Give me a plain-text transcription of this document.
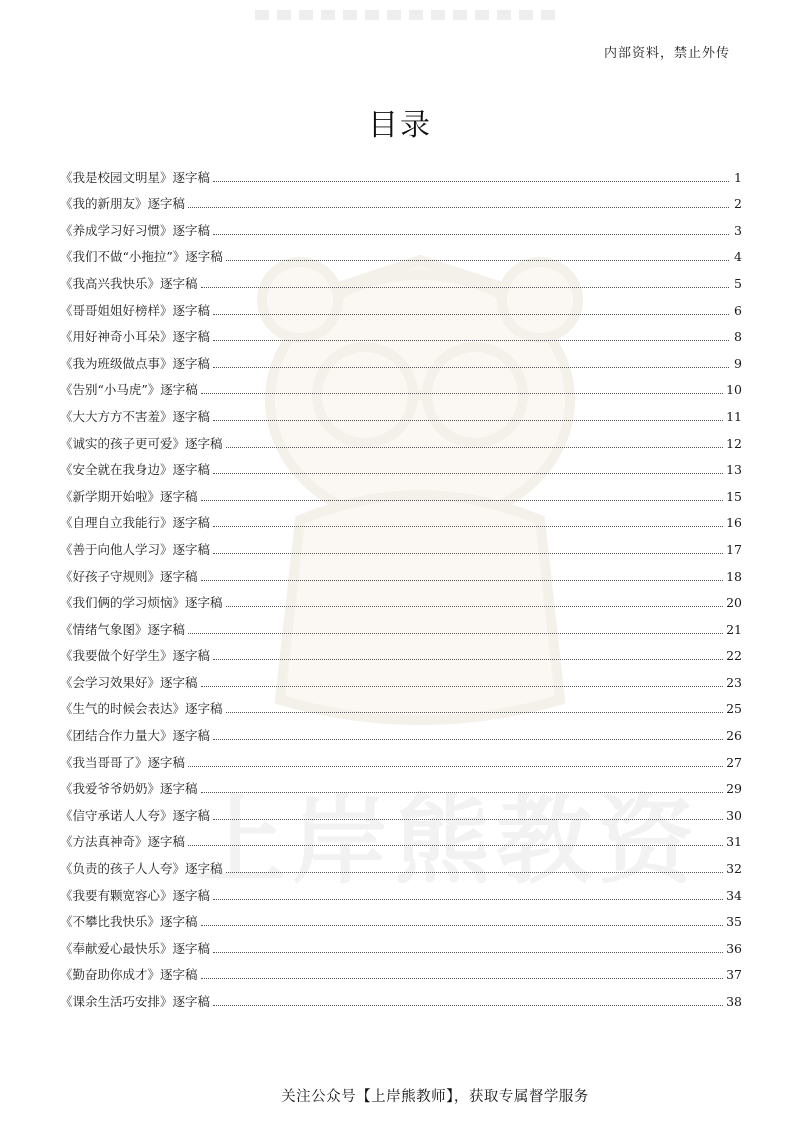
内部资料，禁止外传
上岸熊教资
目录
《我是校园文明星》逐字稿	1
《我的新朋友》逐字稿	2
《养成学习好习惯》逐字稿	3
《我们不做“小拖拉”》逐字稿	4
《我高兴我快乐》逐字稿	5
《哥哥姐姐好榜样》逐字稿	6
《用好神奇小耳朵》逐字稿	8
《我为班级做点事》逐字稿	9
《告别“小马虎”》逐字稿	10
《大大方方不害羞》逐字稿	11
《诚实的孩子更可爱》逐字稿	12
《安全就在我身边》逐字稿	13
《新学期开始啦》逐字稿	15
《自理自立我能行》逐字稿	16
《善于向他人学习》逐字稿	17
《好孩子守规则》逐字稿	18
《我们俩的学习烦恼》逐字稿	20
《情绪气象图》逐字稿	21
《我要做个好学生》逐字稿	22
《会学习效果好》逐字稿	23
《生气的时候会表达》逐字稿	25
《团结合作力量大》逐字稿	26
《我当哥哥了》逐字稿	27
《我爱爷爷奶奶》逐字稿	29
《信守承诺人人夸》逐字稿	30
《方法真神奇》逐字稿	31
《负责的孩子人人夸》逐字稿	32
《我要有颗宽容心》逐字稿	34
《不攀比我快乐》逐字稿	35
《奉献爱心最快乐》逐字稿	36
《勤奋助你成才》逐字稿	37
《课余生活巧安排》逐字稿	38
关注公众号【上岸熊教师】，获取专属督学服务
